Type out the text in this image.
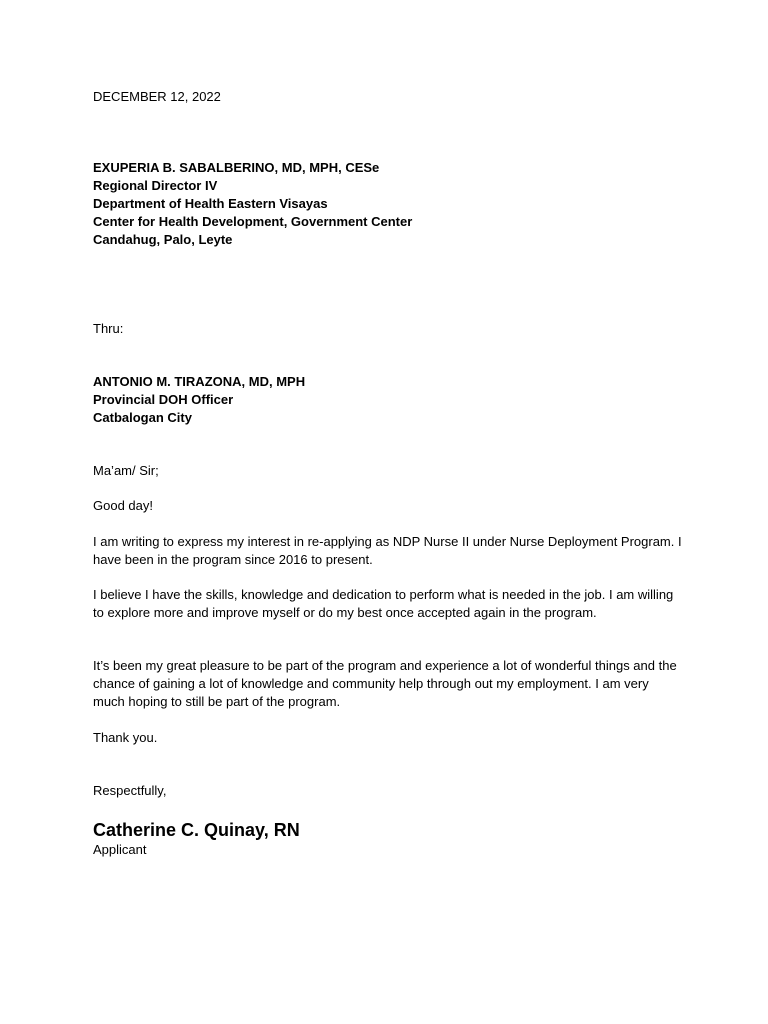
DECEMBER 12, 2022
EXUPERIA B. SABALBERINO, MD, MPH, CESe
Regional Director IV
Department of Health Eastern Visayas
Center for Health Development, Government Center
Candahug, Palo, Leyte
Thru:
ANTONIO M. TIRAZONA, MD, MPH
Provincial DOH Officer
Catbalogan City
Ma’am/ Sir;
Good day!
I am writing to express my interest in re-applying as NDP Nurse II under Nurse Deployment Program. I have been in the program since 2016 to present.
I believe I have the skills, knowledge and dedication to perform what is needed in the job. I am willing to explore more and improve myself or do my best once accepted again in the program.
It’s been my great pleasure to be part of the program and experience a lot of wonderful things and the chance of gaining a lot of knowledge and community help through out my employment. I am very much hoping to still be part of the program.
Thank you.
Respectfully,
Catherine C. Quinay, RN
Applicant
